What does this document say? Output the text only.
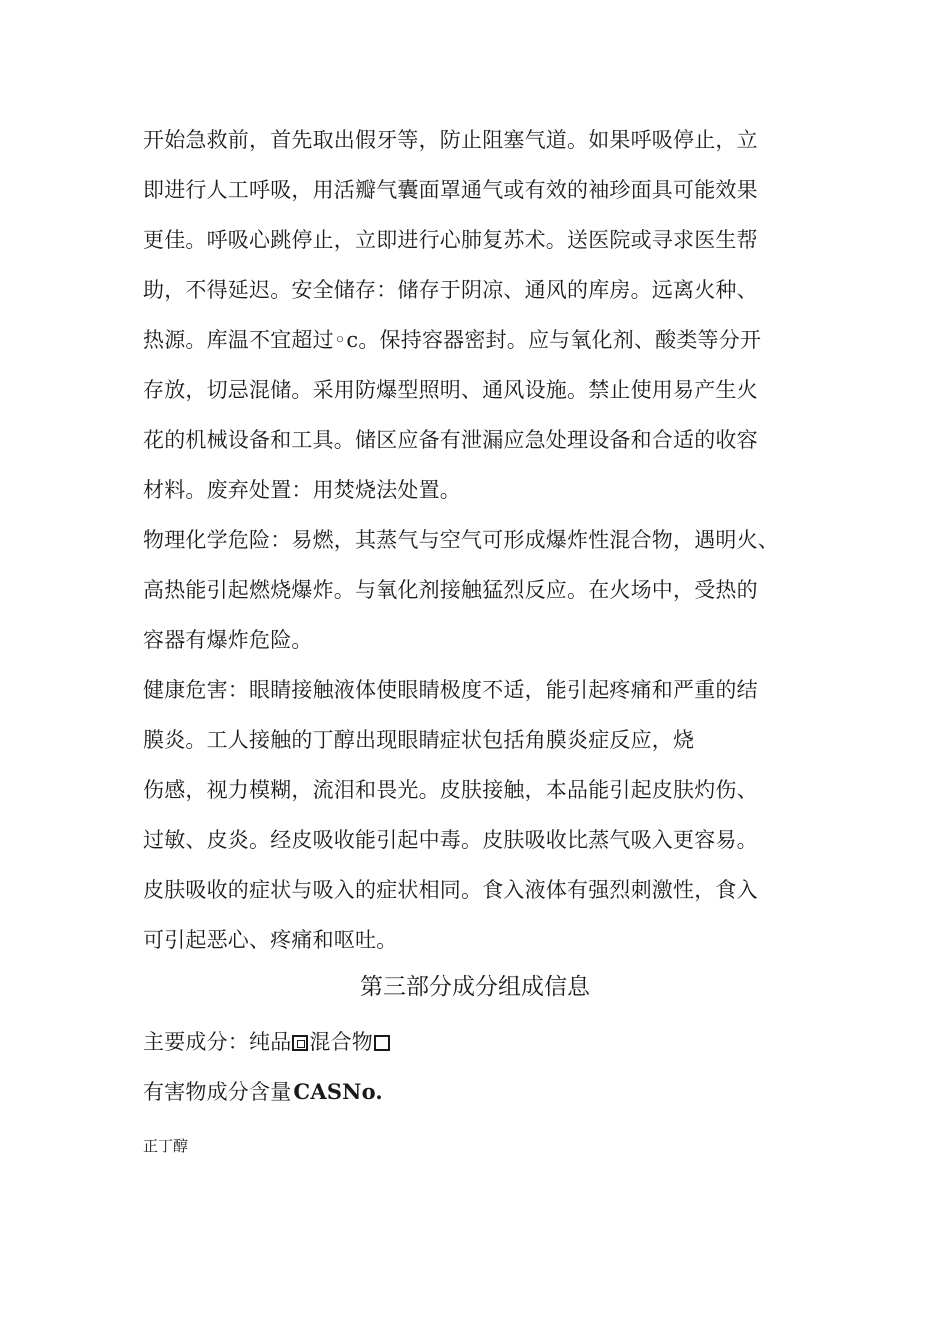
开始急救前，首先取出假牙等，防止阻塞气道。如果呼吸停止，立
即进行人工呼吸，用活瓣气囊面罩通气或有效的袖珍面具可能效果
更佳。呼吸心跳停止，立即进行心肺复苏术。送医院或寻求医生帮
助，不得延迟。安全储存：储存于阴凉、通风的库房。远离火种、
热源。库温不宜超过◦c。保持容器密封。应与氧化剂、酸类等分开
存放，切忌混储。采用防爆型照明、通风设施。禁止使用易产生火
花的机械设备和工具。储区应备有泄漏应急处理设备和合适的收容
材料。废弃处置：用焚烧法处置。
物理化学危险：易燃，其蒸气与空气可形成爆炸性混合物，遇明火、
高热能引起燃烧爆炸。与氧化剂接触猛烈反应。在火场中，受热的
容器有爆炸危险。
健康危害：眼睛接触液体使眼睛极度不适，能引起疼痛和严重的结
膜炎。工人接触的丁醇出现眼睛症状包括角膜炎症反应，烧
伤感，视力模糊，流泪和畏光。皮肤接触，本品能引起皮肤灼伤、
过敏、皮炎。经皮吸收能引起中毒。皮肤吸收比蒸气吸入更容易。
皮肤吸收的症状与吸入的症状相同。食入液体有强烈刺激性，食入
可引起恶心、疼痛和呕吐。
第三部分成分组成信息
主要成分：纯品 混合物
有害物成分含量CASNo.
正丁醇
